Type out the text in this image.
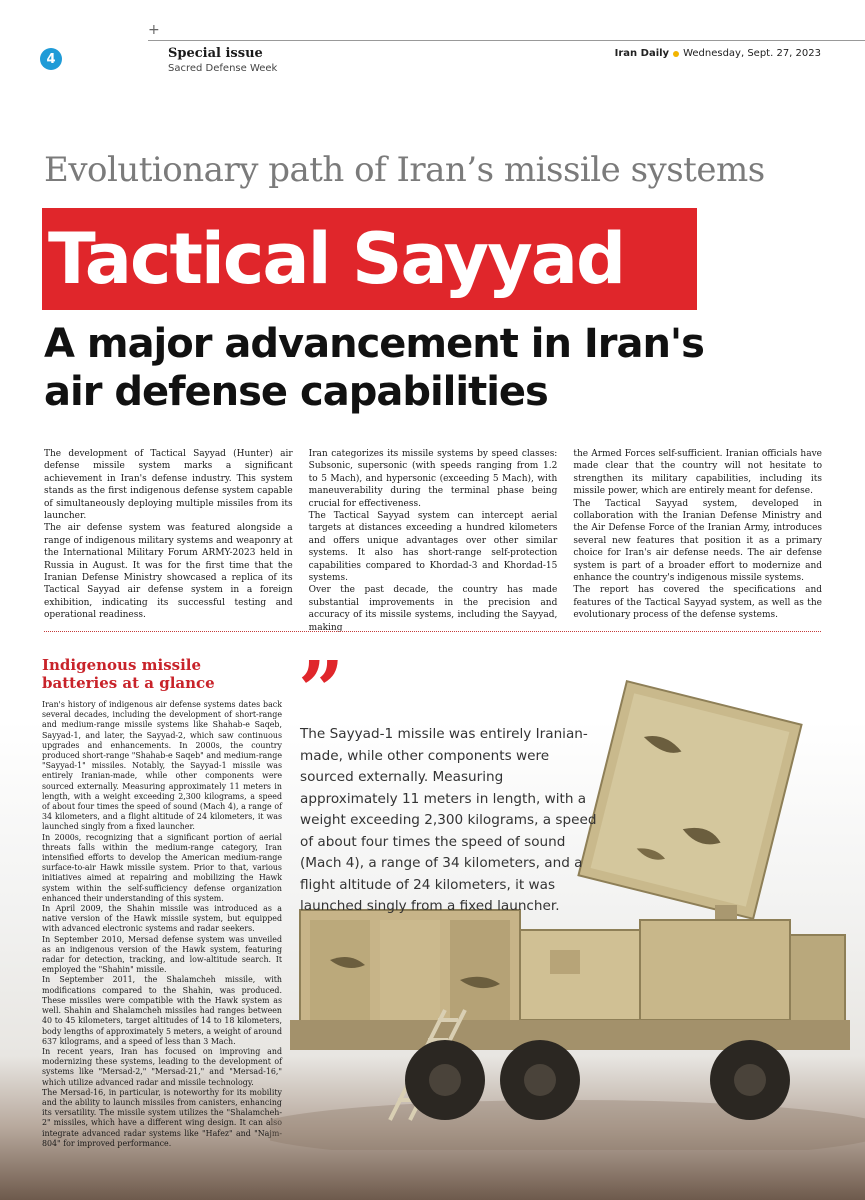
+
4	Special issue
Sacred Defense Week
Iran Daily Wednesday, Sept. 27, 2023
Evolutionary path of Iran’s missile systems
Tactical Sayyad
A major advancement in Iran's air defense capabilities

The development of Tactical Sayyad (Hunter) air defense missile system marks a significant achievement in Iran's defense industry. This system stands as the first indigenous defense system capable of simultaneously deploying multiple missiles from its launcher.

The air defense system was featured alongside a range of indigenous military systems and weaponry at the International Military Forum ARMY-2023 held in Russia in August. It was for the first time that the Iranian Defense Ministry showcased a replica of its Tactical Sayyad air defense system in a foreign exhibition, indicating its successful testing and operational readiness.

Iran categorizes its missile systems by speed classes: Subsonic, supersonic (with speeds ranging from 1.2 to 5 Mach), and hypersonic (exceeding 5 Mach), with maneuverability during the terminal phase being crucial for effectiveness.

The Tactical Sayyad system can intercept aerial targets at distances exceeding a hundred kilometers and offers unique advantages over other similar systems. It also has short-range self-protection capabilities compared to Khordad-3 and Khordad-15 systems.

Over the past decade, the country has made substantial improvements in the precision and accuracy of its missile systems, including the Sayyad, making

the Armed Forces self-sufficient. Iranian officials have made clear that the country will not hesitate to strengthen its military capabilities, including its missile power, which are entirely meant for defense.

The Tactical Sayyad system, developed in collaboration with the Iranian Defense Ministry and the Air Defense Force of the Iranian Army, introduces several new features that position it as a primary choice for Iran's air defense needs. The air defense system is part of a broader effort to modernize and enhance the country's indigenous missile systems.

The report has covered the specifications and features of the Tactical Sayyad system, as well as the evolutionary process of the defense systems.

Indigenous missile batteries at a glance

Iran's history of indigenous air defense systems dates back several decades, including the development of short-range and medium-range missile systems like Shahab-e Saqeb, Sayyad-1, and later, the Sayyad-2, which saw continuous upgrades and enhancements. In 2000s, the country produced short-range "Shahab-e Saqeb" and medium-range "Sayyad-1" missiles. Notably, the Sayyad-1 missile was entirely Iranian-made, while other components were sourced externally. Measuring approximately 11 meters in length, with a weight exceeding 2,300 kilograms, a speed of about four times the speed of sound (Mach 4), a range of 34 kilometers, and a flight altitude of 24 kilometers, it was launched singly from a fixed launcher.

In 2000s, recognizing that a significant portion of aerial threats falls within the medium-range category, Iran intensified efforts to develop the American medium-range surface-to-air Hawk missile system. Prior to that, various initiatives aimed at repairing and mobilizing the Hawk system within the self-sufficiency defense organization enhanced their understanding of this system.

In April 2009, the Shahin missile was introduced as a native version of the Hawk missile system, but equipped with advanced electronic systems and radar seekers.

In September 2010, Mersad defense system was unveiled as an indigenous version of the Hawk system, featuring radar for detection, tracking, and low-altitude search. It employed the "Shahin" missile.

In September 2011, the Shalamcheh missile, with modifications compared to the Shahin, was produced. These missiles were compatible with the Hawk system as well. Shahin and Shalamcheh missiles had ranges between 40 to 45 kilometers, target altitudes of 14 to 18 kilometers, body lengths of approximately 5 meters, a weight of around 637 kilograms, and a speed of less than 3 Mach.

In recent years, Iran has focused on improving and modernizing these systems, leading to the development of systems like "Mersad-2," "Mersad-21," and "Mersad-16," which utilize advanced radar and missile technology.

The Mersad-16, in particular, is noteworthy for its mobility and the ability to launch missiles from canisters, enhancing its versatility. The missile system utilizes the "Shalamcheh-2" missiles, which have a different wing design. It can also integrate advanced radar systems like "Hafez" and "Najm-804" for improved performance.

”
The Sayyad-1 missile was entirely Iranian-made, while other components were sourced externally. Measuring approximately 11 meters in length, with a weight exceeding 2,300 kilograms, a speed of about four times the speed of sound (Mach 4), a range of 34 kilometers, and a flight altitude of 24 kilometers, it was launched singly from a fixed launcher.
